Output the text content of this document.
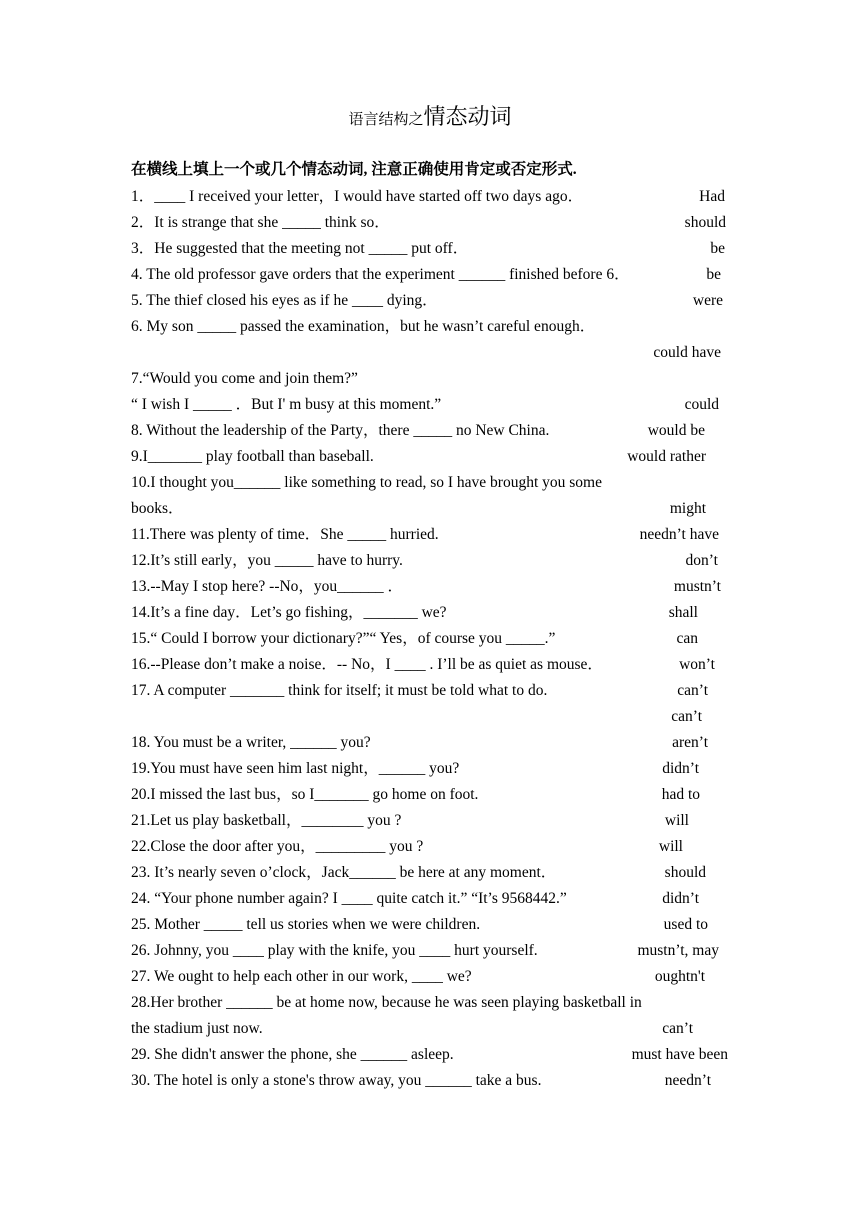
语言结构之情态动词
在横线上填上一个或几个情态动词, 注意正确使用肯定或否定形式.
1．____ I received your letter，I would have started off two days ago．	Had
2．It is strange that she _____ think so．	should
3．He suggested that the meeting not _____ put off．	be
4. The old professor gave orders that the experiment ______ finished before 6．	be
5. The thief closed his eyes as if he ____ dying．	were
6. My son _____ passed the examination，but he wasn’t careful enough．
could have
7.“Would you come and join them?”
“ I wish I _____ ．But I' m busy at this moment.”	could
8. Without the leadership of the Party，there _____ no New China.	would be
9.I_______ play football than baseball.	would rather
10.I thought you______ like something to read, so I have brought you some
books．	might
11.There was plenty of time．She _____ hurried.	needn’t have
12.It’s still early，you _____ have to hurry.	don’t
13.--May I stop here? --No，you______ ．	mustn’t
14.It’s a fine day．Let’s go fishing，_______ we?	shall
15.“ Could I borrow your dictionary?”“ Yes，of course you _____.”	can
16.--Please don’t make a noise．-- No，I ____ . I’ll be as quiet as mouse．	won’t
17. A computer _______ think for itself; it must be told what to do.	can’t
can’t
18. You must be a writer, ______ you?	aren’t
19.You must have seen him last night，______ you?	didn’t
20.I missed the last bus，so I_______ go home on foot.	had to
21.Let us play basketball，________ you ?	will
22.Close the door after you，_________ you ?	will
23. It’s nearly seven o’clock，Jack______ be here at any moment．	should
24. “Your phone number again? I ____ quite catch it.” “It’s 9568442.”	didn’t
25. Mother _____ tell us stories when we were children.	used to
26. Johnny, you ____ play with the knife, you ____ hurt yourself.	mustn’t, may
27. We ought to help each other in our work, ____ we?	oughtn't
28.Her brother ______ be at home now, because he was seen playing basketball in
the stadium just now.	can’t
29. She didn't answer the phone, she ______ asleep.	must have been
30. The hotel is only a stone's throw away, you ______ take a bus.	needn’t
